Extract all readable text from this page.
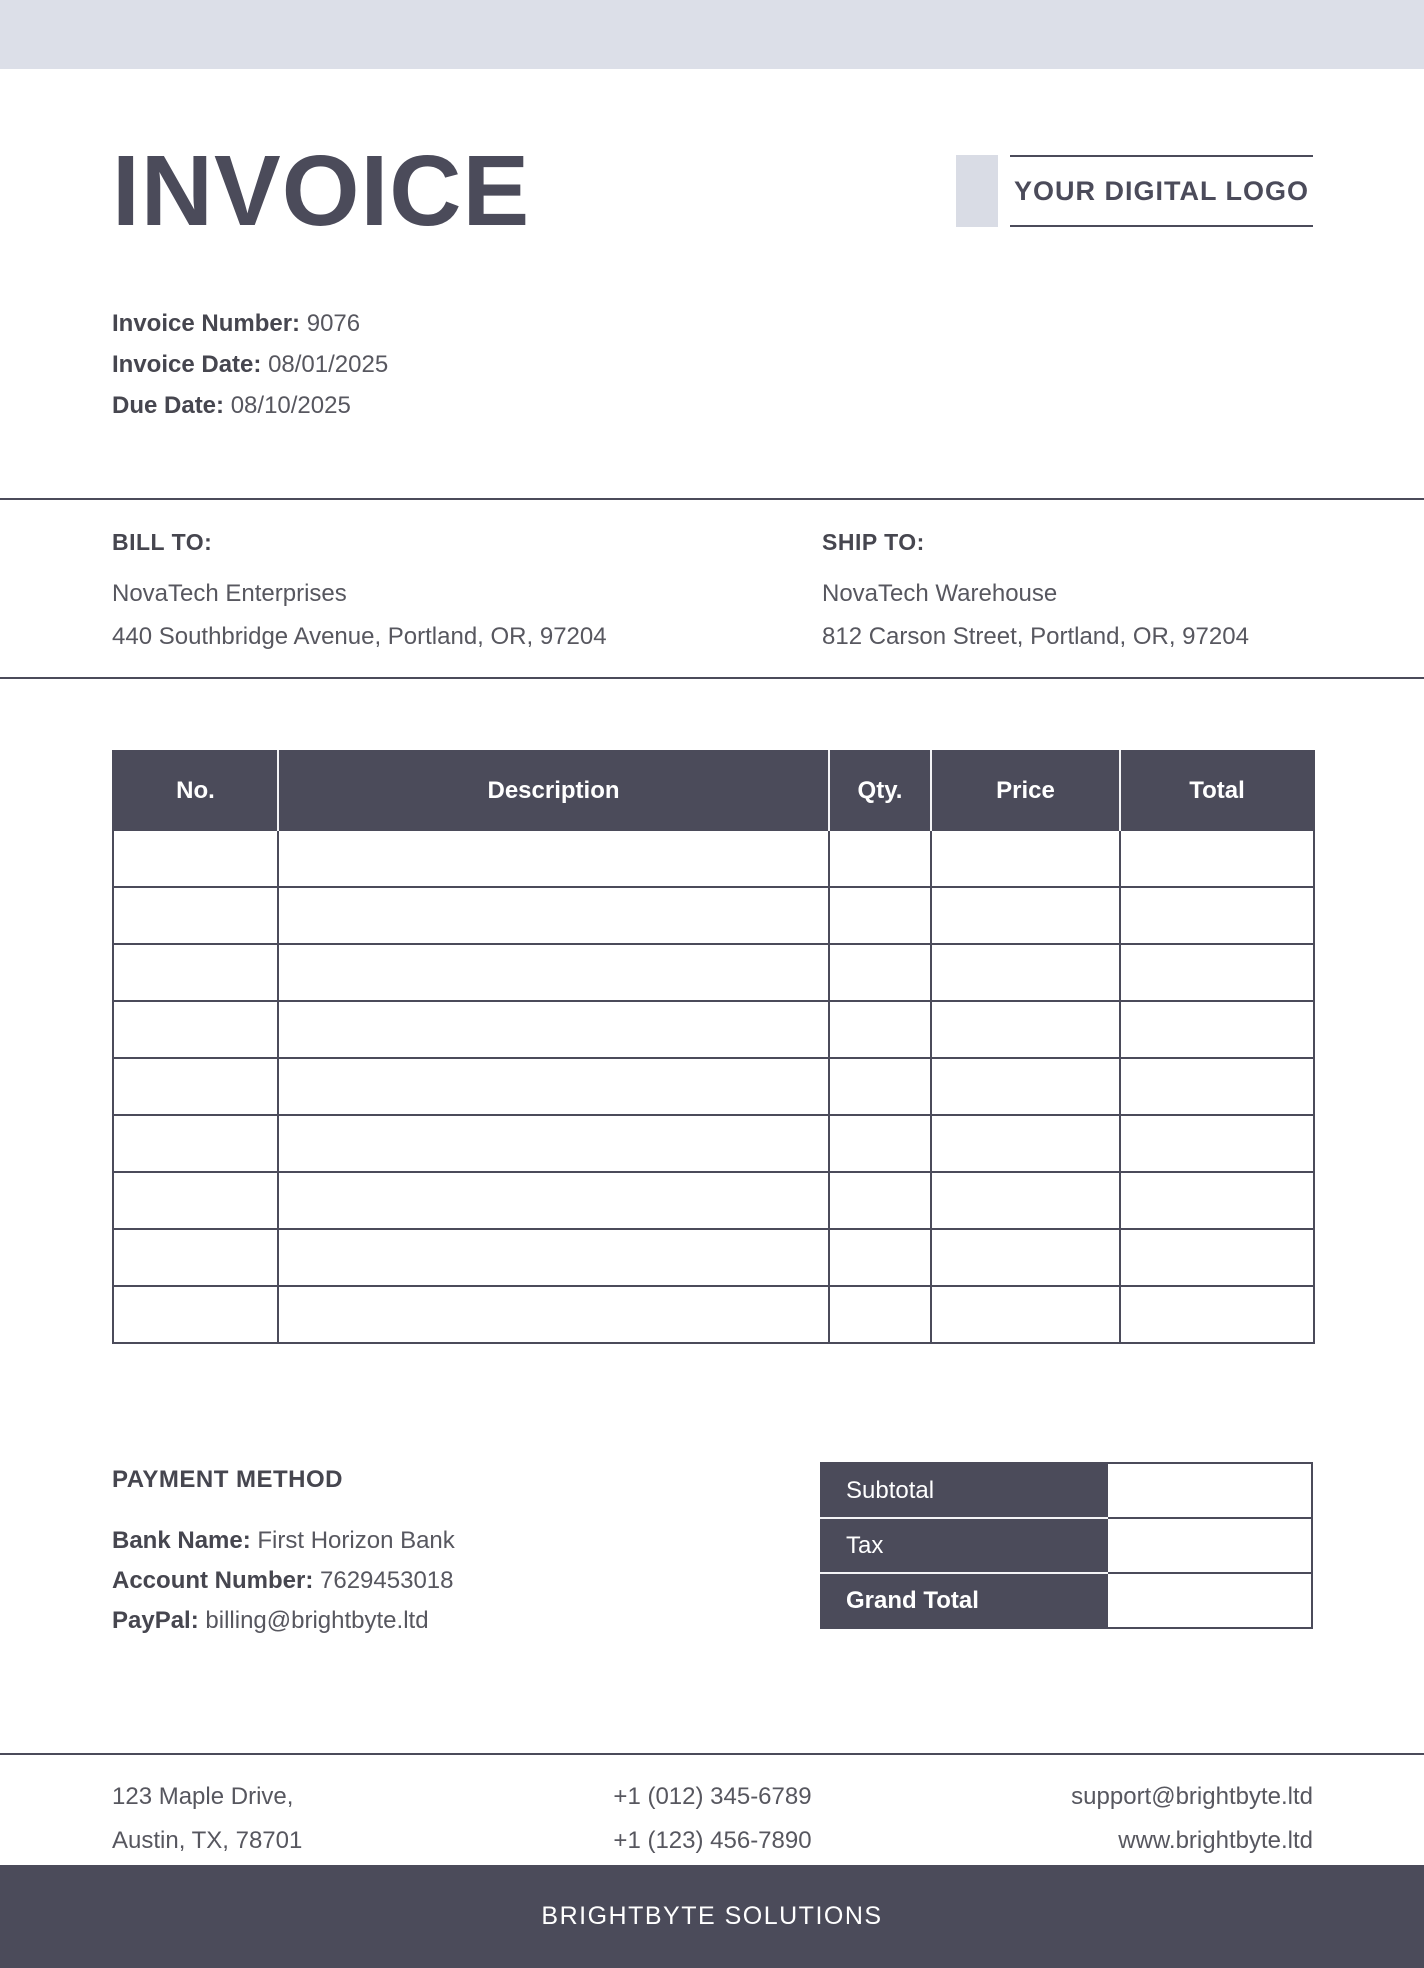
INVOICE	YOUR DIGITAL LOGO
Invoice Number: 9076
Invoice Date: 08/01/2025
Due Date: 08/10/2025
BILL TO:
NovaTech Enterprises
440 Southbridge Avenue, Portland, OR, 97204
SHIP TO:
NovaTech Warehouse
812 Carson Street, Portland, OR, 97204
No.	Description	Qty.	Price	Total

PAYMENT METHOD
Bank Name: First Horizon Bank
Account Number: 7629453018
PayPal: billing@brightbyte.ltd
Subtotal	
Tax	
Grand Total	
123 Maple Drive,
Austin, TX, 78701
+1 (012) 345-6789
+1 (123) 456-7890
support@brightbyte.ltd
www.brightbyte.ltd
BRIGHTBYTE SOLUTIONS
